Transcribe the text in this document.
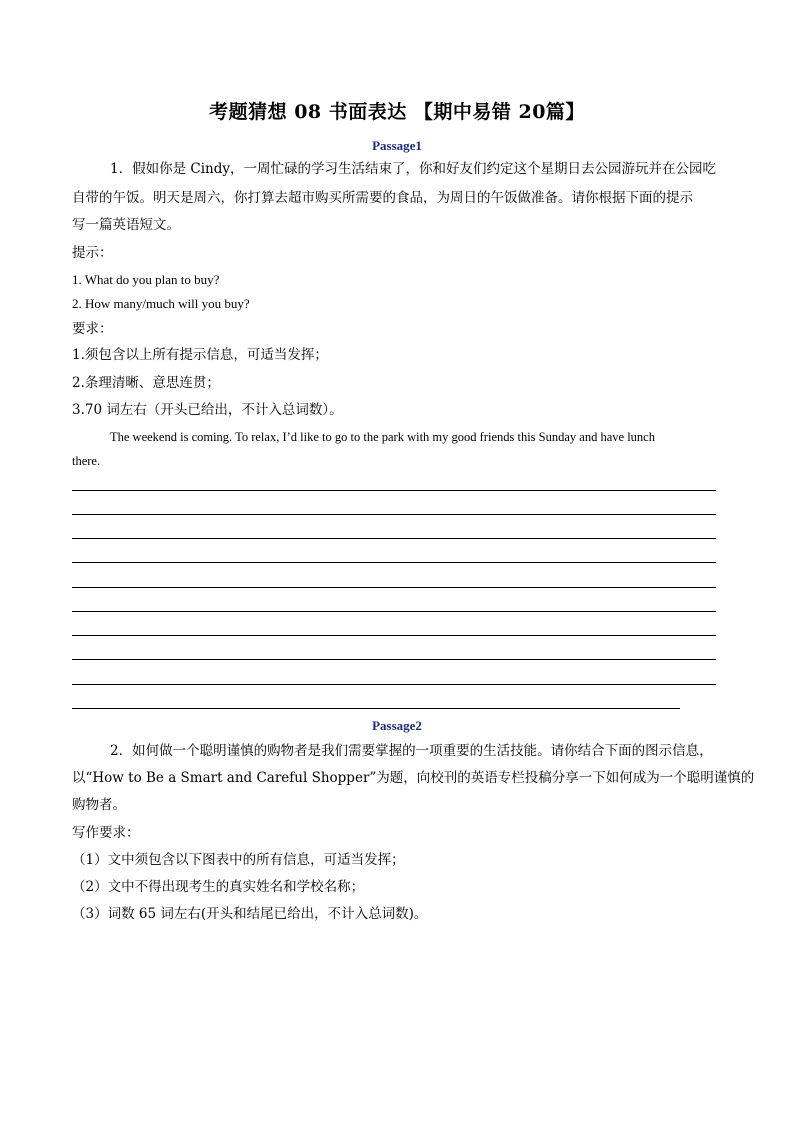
考题猜想 08 书面表达 【期中易错 20篇】
Passage1
1．假如你是 Cindy，一周忙碌的学习生活结束了，你和好友们约定这个星期日去公园游玩并在公园吃
自带的午饭。明天是周六，你打算去超市购买所需要的食品，为周日的午饭做准备。请你根据下面的提示
写一篇英语短文。
提示：
1. What do you plan to buy?
2. How many/much will you buy?
要求：
1.须包含以上所有提示信息，可适当发挥；
2.条理清晰、意思连贯；
3.70 词左右（开头已给出，不计入总词数）。
The weekend is coming. To relax, I’d like to go to the park with my good friends this Sunday and have lunch
there.
Passage2
2．如何做一个聪明谨慎的购物者是我们需要掌握的一项重要的生活技能。请你结合下面的图示信息，
以“How to Be a Smart and Careful Shopper”为题，向校刊的英语专栏投稿分享一下如何成为一个聪明谨慎的
购物者。
写作要求：
（1）文中须包含以下图表中的所有信息，可适当发挥；
（2）文中不得出现考生的真实姓名和学校名称；
（3）词数 65 词左右(开头和结尾已给出，不计入总词数)。
